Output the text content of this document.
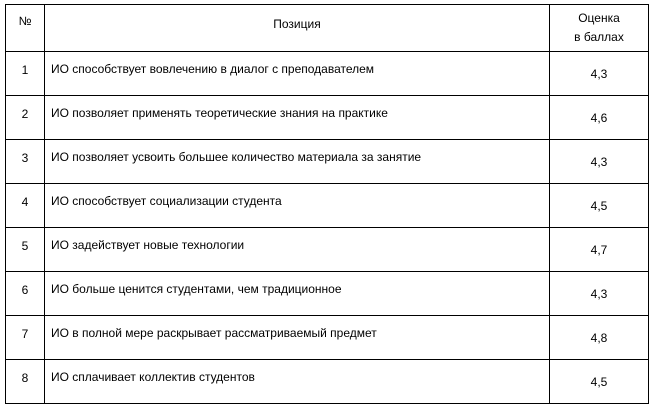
№	Позиция	Оценка
в баллах

1	ИО способствует вовлечению в диалог с преподавателем	4,3
2	ИО позволяет применять теоретические знания на практике	4,6
3	ИО позволяет усвоить большее количество материала за занятие	4,3
4	ИО способствует социализации студента	4,5
5	ИО задействует новые технологии	4,7
6	ИО больше ценится студентами, чем традиционное	4,3
7	ИО в полной мере раскрывает рассматриваемый предмет	4,8
8	ИО сплачивает коллектив студентов	4,5
